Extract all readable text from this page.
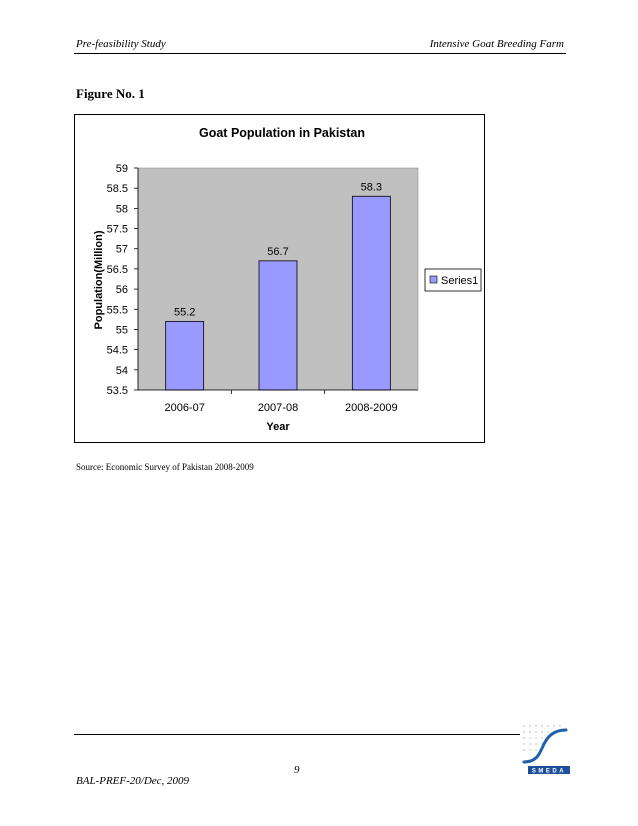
Pre-feasibility Study	Intensive Goat Breeding Farm
Figure No. 1
Goat Population in Pakistan
53.5
54
54.5
55
55.5
56
56.5
57
57.5
58
58.5
59
55.2
56.7
58.3
2006-07	2007-08	2008-2009
Year
Population(Million)	Series1
Source: Economic Survey of Pakistan 2008-2009
SMEDA
9
BAL-PREF-20/Dec, 2009
